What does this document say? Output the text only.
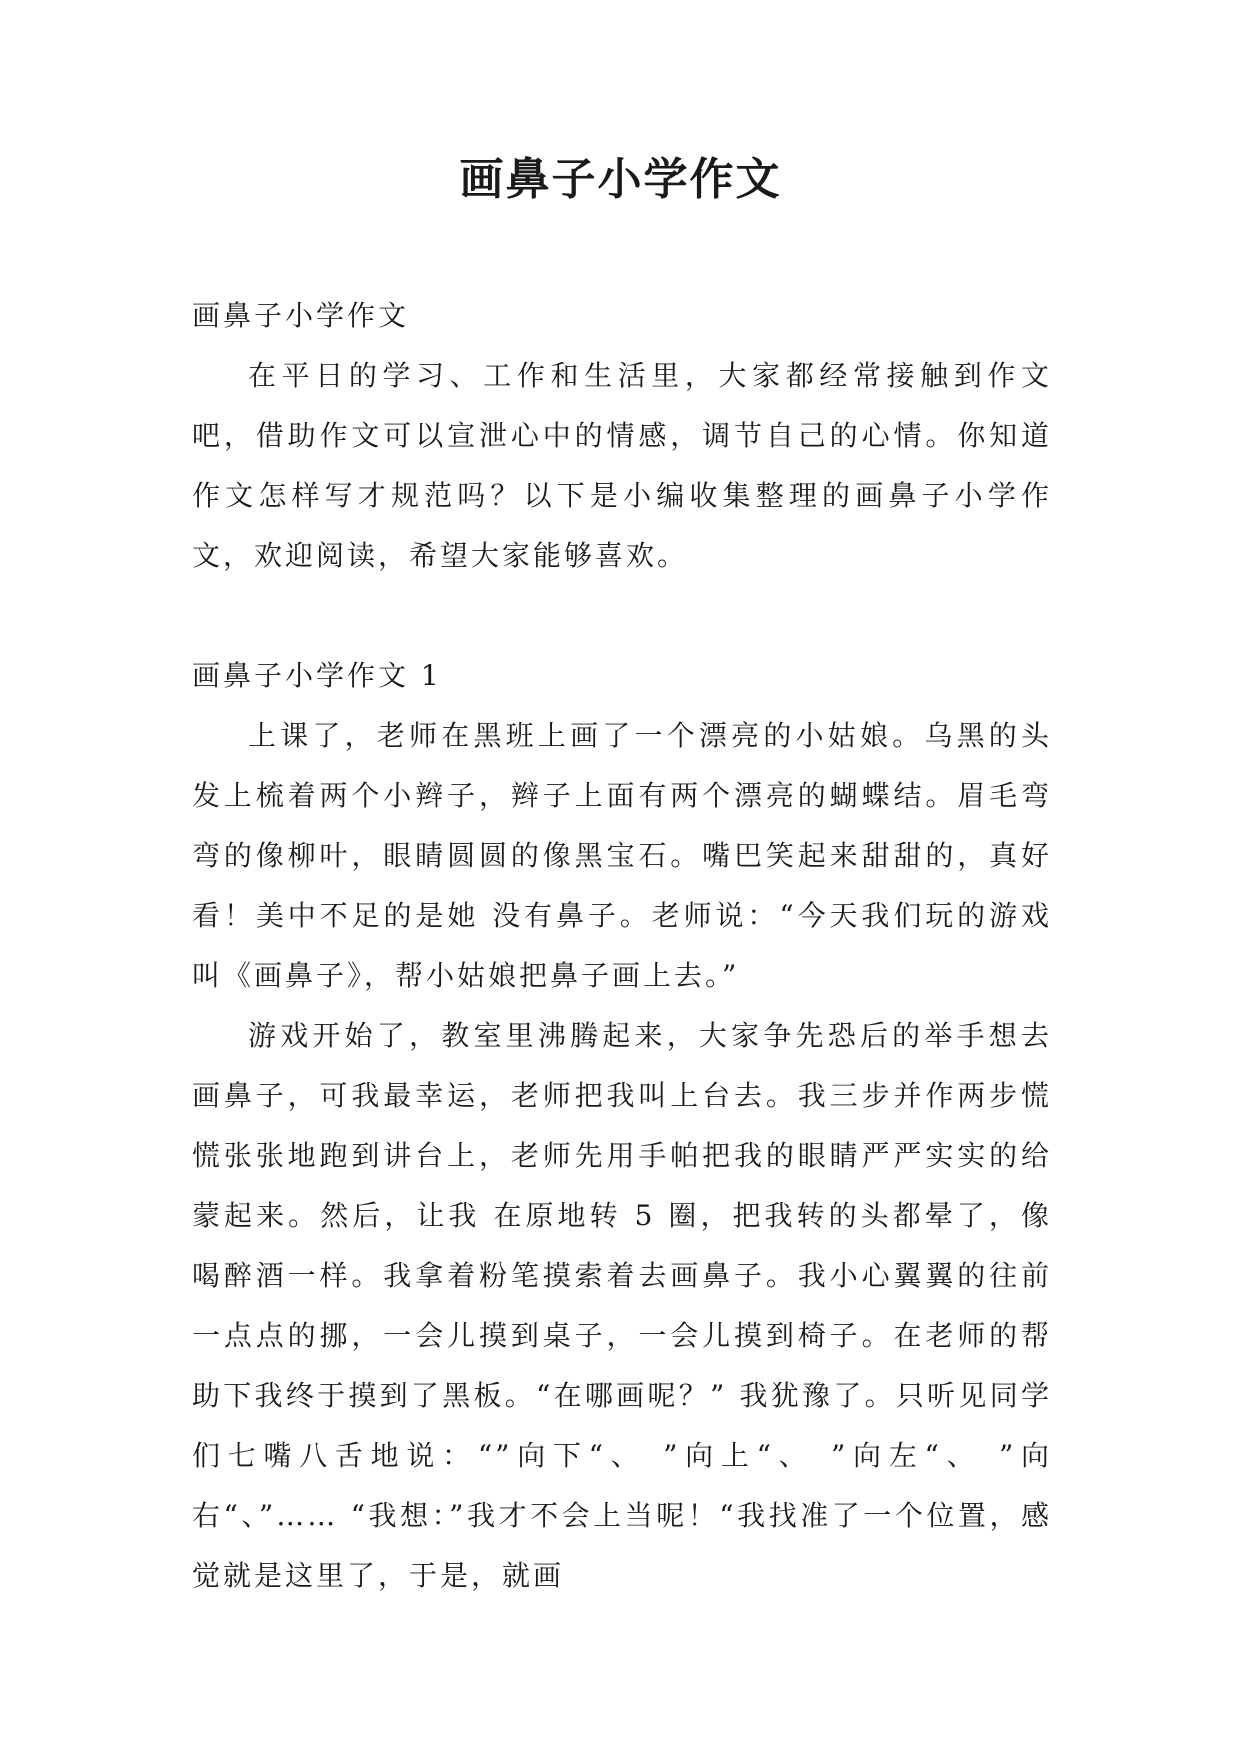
画鼻子小学作文

画鼻子小学作文

在平日的学习、工作和生活里，大家都经常接触到作文吧，借助作文可以宣泄心中的情感，调节自己的心情。你知道作文怎样写才规范吗？以下是小编收集整理的画鼻子小学作文，欢迎阅读，希望大家能够喜欢。

画鼻子小学作文 1

上课了，老师在黑班上画了一个漂亮的小姑娘。乌黑的头发上梳着两个小辫子，辫子上面有两个漂亮的蝴蝶结。眉毛弯弯的像柳叶，眼睛圆圆的像黑宝石。嘴巴笑起来甜甜的，真好看！美中不足的是她 没有鼻子。老师说：“今天我们玩的游戏叫《画鼻子》，帮小姑娘把鼻子画上去。”

游戏开始了，教室里沸腾起来，大家争先恐后的举手想去画鼻子，可我最幸运，老师把我叫上台去。我三步并作两步慌慌张张地跑到讲台上，老师先用手帕把我的眼睛严严实实的给蒙起来。然后，让我 在原地转 5 圈，把我转的头都晕了，像喝醉酒一样。我拿着粉笔摸索着去画鼻子。我小心翼翼的往前一点点的挪，一会儿摸到桌子，一会儿摸到椅子。在老师的帮助下我终于摸到了黑板。“在哪画呢？” 我犹豫了。只听见同学们七嘴八舌地说：“”向下“、 ”向上“、 ”向左“、 ”向右“、”…… “我想：”我才不会上当呢！“我找准了一个位置，感觉就是这里了，于是，就画
